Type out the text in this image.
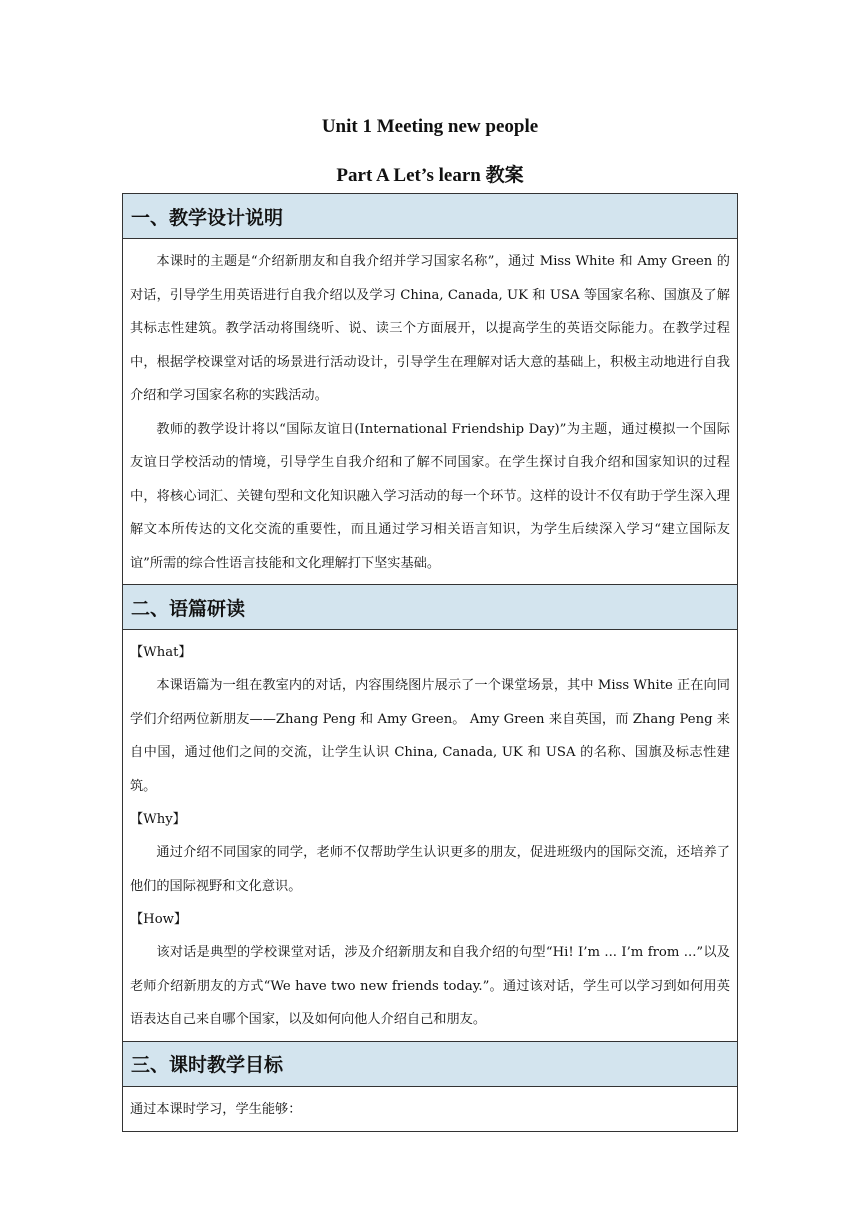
Unit 1 Meeting new people
Part A Let’s learn 教案
一、教学设计说明

本课时的主题是“介绍新朋友和自我介绍并学习国家名称”，通过 Miss White 和 Amy Green 的对话，引导学生用英语进行自我介绍以及学习 China, Canada, UK 和 USA 等国家名称、国旗及了解其标志性建筑。教学活动将围绕听、说、读三个方面展开，以提高学生的英语交际能力。在教学过程中，根据学校课堂对话的场景进行活动设计，引导学生在理解对话大意的基础上，积极主动地进行自我介绍和学习国家名称的实践活动。

教师的教学设计将以“国际友谊日(International Friendship Day)”为主题，通过模拟一个国际友谊日学校活动的情境，引导学生自我介绍和了解不同国家。在学生探讨自我介绍和国家知识的过程中，将核心词汇、关键句型和文化知识融入学习活动的每一个环节。这样的设计不仅有助于学生深入理解文本所传达的文化交流的重要性，而且通过学习相关语言知识，为学生后续深入学习“建立国际友谊”所需的综合性语言技能和文化理解打下坚实基础。

二、语篇研读

【What】

本课语篇为一组在教室内的对话，内容围绕图片展示了一个课堂场景，其中 Miss White 正在向同学们介绍两位新朋友——Zhang Peng 和 Amy Green。 Amy Green 来自英国，而 Zhang Peng 来自中国，通过他们之间的交流，让学生认识 China, Canada, UK 和 USA 的名称、国旗及标志性建筑。

【Why】

通过介绍不同国家的同学，老师不仅帮助学生认识更多的朋友，促进班级内的国际交流，还培养了他们的国际视野和文化意识。

【How】

该对话是典型的学校课堂对话，涉及介绍新朋友和自我介绍的句型“Hi! I’m ... I’m from ...”以及老师介绍新朋友的方式“We have two new friends today.”。通过该对话，学生可以学习到如何用英语表达自己来自哪个国家，以及如何向他人介绍自己和朋友。

三、课时教学目标

通过本课时学习，学生能够：
